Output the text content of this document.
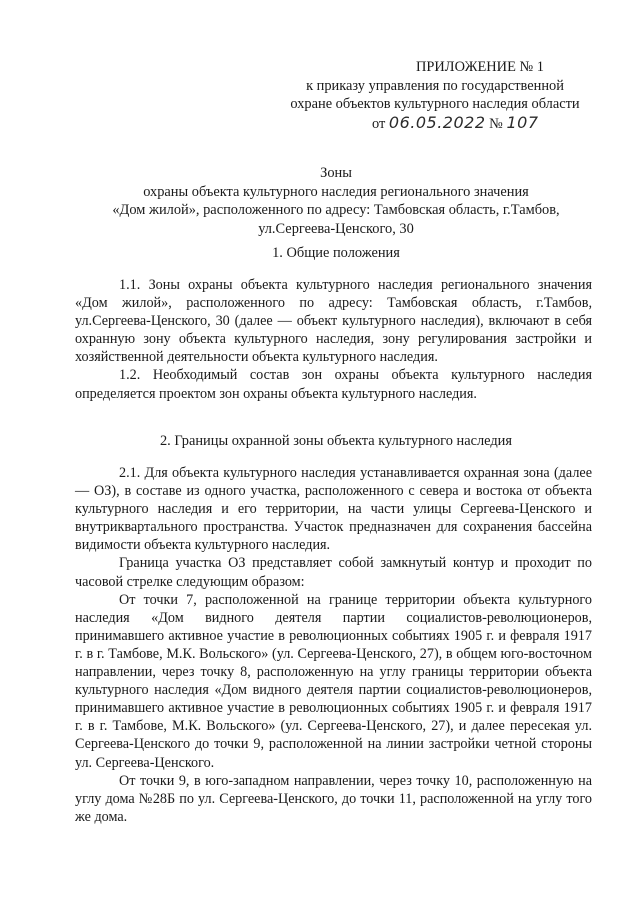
ПРИЛОЖЕНИЕ № 1
к приказу управления по государственной
охране объектов культурного наследия области
от 06.05.2022 № 107
Зоны
охраны объекта культурного наследия регионального значения
«Дом жилой», расположенного по адресу: Тамбовская область, г.Тамбов,
ул.Сергеева-Ценского, 30
1. Общие положения

1.1. Зоны охраны объекта культурного наследия регионального значения «Дом жилой», расположенного по адресу: Тамбовская область, г.Тамбов, ул.Сергеева-Ценского, 30 (далее — объект культурного наследия), включают в себя охранную зону объекта культурного наследия, зону регулирования застройки и хозяйственной деятельности объекта культурного наследия.

1.2. Необходимый состав зон охраны объекта культурного наследия определяется проектом зон охраны объекта культурного наследия.

2. Границы охранной зоны объекта культурного наследия

2.1. Для объекта культурного наследия устанавливается охранная зона (далее — ОЗ), в составе из одного участка, расположенного с севера и востока от объекта культурного наследия и его территории, на части улицы Сергеева-Ценского и внутриквартального пространства. Участок предназначен для сохранения бассейна видимости объекта культурного наследия.

Граница участка ОЗ представляет собой замкнутый контур и проходит по часовой стрелке следующим образом:

От точки 7, расположенной на границе территории объекта культурного наследия «Дом видного деятеля партии социалистов-революционеров, принимавшего активное участие в революционных событиях 1905 г. и февраля 1917 г. в г. Тамбове, М.К. Вольского» (ул. Сергеева-Ценского, 27), в общем юго-восточном направлении, через точку 8, расположенную на углу границы территории объекта культурного наследия «Дом видного деятеля партии социалистов-революционеров, принимавшего активное участие в революционных событиях 1905 г. и февраля 1917 г. в г. Тамбове, М.К. Вольского» (ул. Сергеева-Ценского, 27), и далее пересекая ул. Сергеева-Ценского до точки 9, расположенной на линии застройки четной стороны ул. Сергеева-Ценского.

От точки 9, в юго-западном направлении, через точку 10, расположенную на углу дома №28Б по ул. Сергеева-Ценского, до точки 11, расположенной на углу того же дома.
